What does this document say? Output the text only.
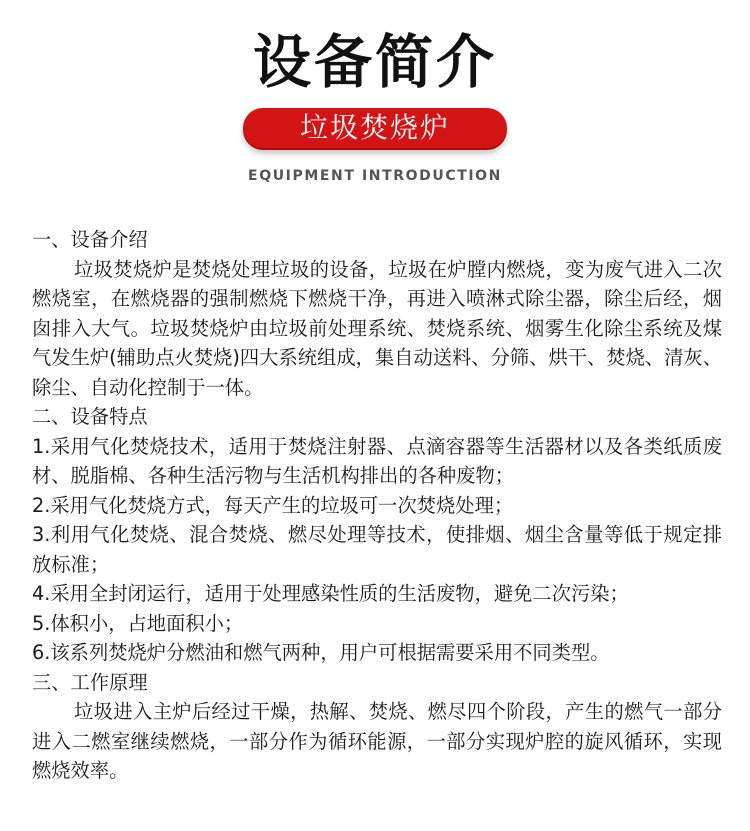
设备简介
垃圾焚烧炉
EQUIPMENT INTRODUCTION

一、设备介绍

垃圾焚烧炉是焚烧处理垃圾的设备，垃圾在炉膛内燃烧，变为废气进入二次燃烧室，在燃烧器的强制燃烧下燃烧干净，再进入喷淋式除尘器，除尘后经，烟囱排入大气。垃圾焚烧炉由垃圾前处理系统、焚烧系统、烟雾生化除尘系统及煤气发生炉(辅助点火焚烧)四大系统组成，集自动送料、分筛、烘干、焚烧、清灰、除尘、自动化控制于一体。

二、设备特点

1.采用气化焚烧技术，适用于焚烧注射器、点滴容器等生活器材以及各类纸质废材、脱脂棉、各种生活污物与生活机构排出的各种废物；

2.采用气化焚烧方式，每天产生的垃圾可一次焚烧处理；

3.利用气化焚烧、混合焚烧、燃尽处理等技术，使排烟、烟尘含量等低于规定排放标准；

4.采用全封闭运行，适用于处理感染性质的生活废物，避免二次污染；

5.体积小，占地面积小；

6.该系列焚烧炉分燃油和燃气两种，用户可根据需要采用不同类型。

三、工作原理

垃圾进入主炉后经过干燥，热解、焚烧、燃尽四个阶段，产生的燃气一部分进入二燃室继续燃烧，一部分作为循环能源，一部分实现炉腔的旋风循环，实现燃烧效率。
